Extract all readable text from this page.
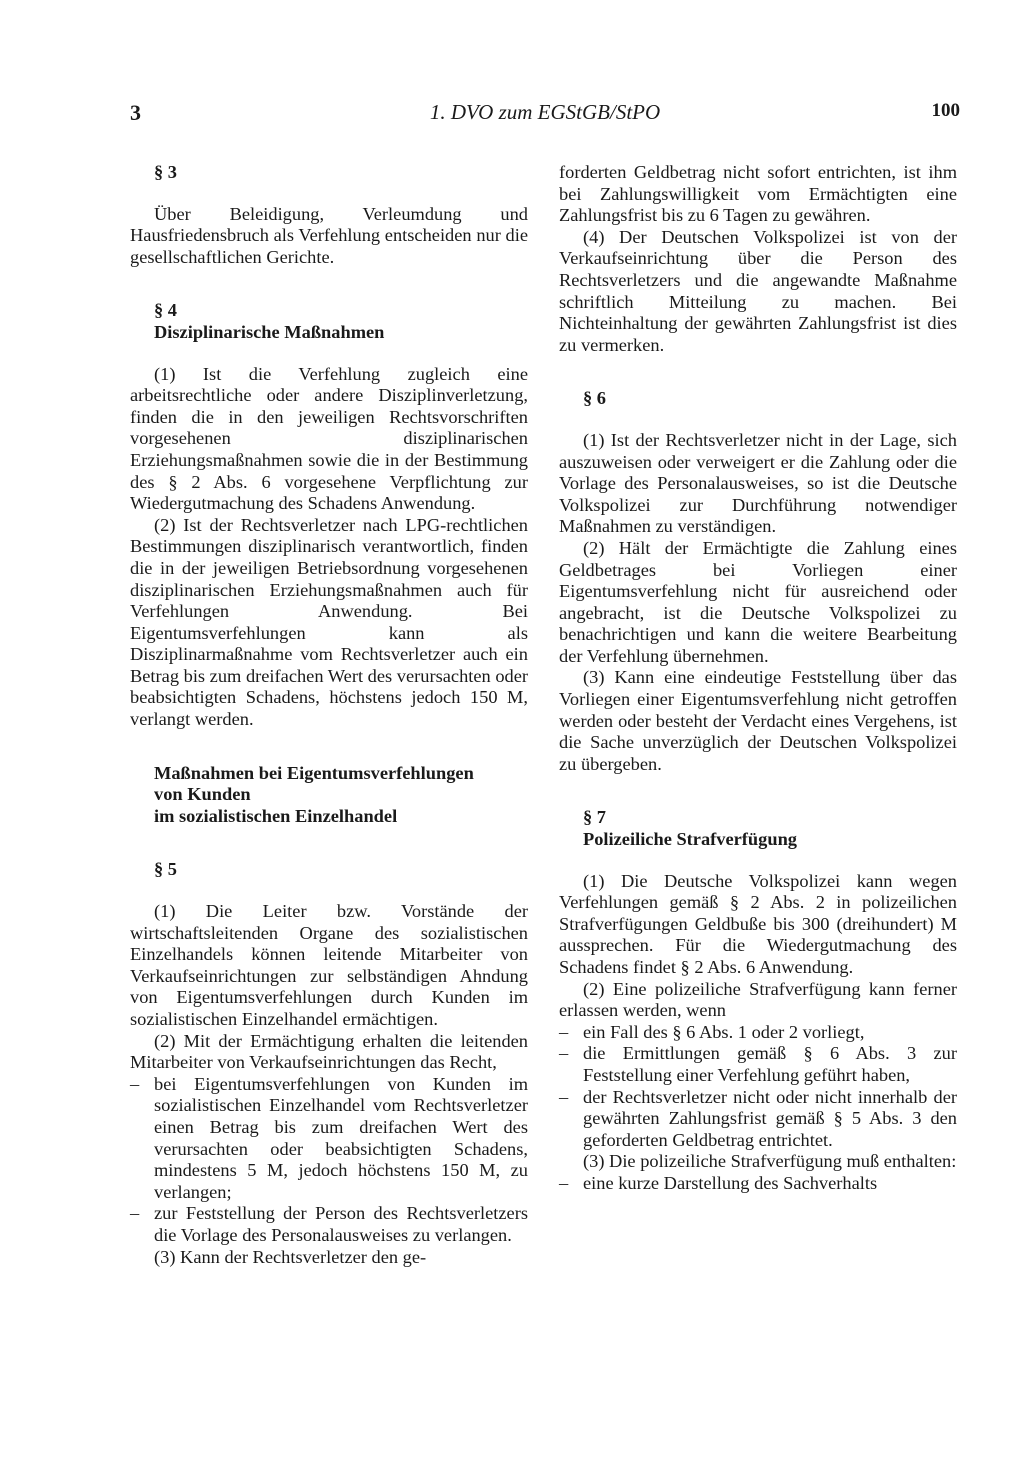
3	1. DVO zum EGStGB/StPO	100

§ 3

Über Beleidigung, Verleumdung und Hausfriedensbruch als Verfehlung entscheiden nur die gesellschaftlichen Gerichte.

§ 4

Disziplinarische Maßnahmen

(1) Ist die Verfehlung zugleich eine arbeitsrechtliche oder andere Disziplinverletzung, finden die in den jeweiligen Rechtsvorschriften vorgesehenen disziplinarischen Erziehungsmaßnahmen sowie die in der Bestimmung des § 2 Abs. 6 vorgesehene Verpflichtung zur Wiedergutmachung des Schadens Anwendung.

(2) Ist der Rechtsverletzer nach LPG-rechtlichen Bestimmungen disziplinarisch verantwortlich, finden die in der jeweiligen Betriebsordnung vorgesehenen disziplinarischen Erziehungsmaßnahmen auch für Verfehlungen Anwendung. Bei Eigentumsverfehlungen kann als Disziplinarmaßnahme vom Rechtsverletzer auch ein Betrag bis zum dreifachen Wert des verursachten oder beabsichtigten Schadens, höchstens jedoch 150 M, verlangt werden.

Maßnahmen bei Eigentumsverfehlungen

von Kunden

im sozialistischen Einzelhandel

§ 5

(1) Die Leiter bzw. Vorstände der wirtschaftsleitenden Organe des sozialistischen Einzelhandels können leitende Mitarbeiter von Verkaufseinrichtungen zur selbständigen Ahndung von Eigentumsverfehlungen durch Kunden im sozialistischen Einzelhandel ermächtigen.

(2) Mit der Ermächtigung erhalten die leitenden Mitarbeiter von Verkaufseinrichtungen das Recht,

– bei Eigentumsverfehlungen von Kunden im sozialistischen Einzelhandel vom Rechtsverletzer einen Betrag bis zum dreifachen Wert des verursachten oder beabsichtigten Schadens, mindestens 5 M, jedoch höchstens 150 M, zu verlangen;
– zur Feststellung der Person des Rechtsverletzers die Vorlage des Personalausweises zu verlangen.

(3) Kann der Rechtsverletzer den ge-

forderten Geldbetrag nicht sofort entrichten, ist ihm bei Zahlungswilligkeit vom Ermächtigten eine Zahlungsfrist bis zu 6 Tagen zu gewähren.

(4) Der Deutschen Volkspolizei ist von der Verkaufseinrichtung über die Person des Rechtsverletzers und die angewandte Maßnahme schriftlich Mitteilung zu machen. Bei Nichteinhaltung der gewährten Zahlungsfrist ist dies zu vermerken.

§ 6

(1) Ist der Rechtsverletzer nicht in der Lage, sich auszuweisen oder verweigert er die Zahlung oder die Vorlage des Personalausweises, so ist die Deutsche Volkspolizei zur Durchführung notwendiger Maßnahmen zu verständigen.

(2) Hält der Ermächtigte die Zahlung eines Geldbetrages bei Vorliegen einer Eigentumsverfehlung nicht für ausreichend oder angebracht, ist die Deutsche Volkspolizei zu benachrichtigen und kann die weitere Bearbeitung der Verfehlung übernehmen.

(3) Kann eine eindeutige Feststellung über das Vorliegen einer Eigentumsverfehlung nicht getroffen werden oder besteht der Verdacht eines Vergehens, ist die Sache unverzüglich der Deutschen Volkspolizei zu übergeben.

§ 7

Polizeiliche Strafverfügung

(1) Die Deutsche Volkspolizei kann wegen Verfehlungen gemäß § 2 Abs. 2 in polizeilichen Strafverfügungen Geldbuße bis 300 (dreihundert) M aussprechen. Für die Wiedergutmachung des Schadens findet § 2 Abs. 6 Anwendung.

(2) Eine polizeiliche Strafverfügung kann ferner erlassen werden, wenn

– ein Fall des § 6 Abs. 1 oder 2 vorliegt,
– die Ermittlungen gemäß § 6 Abs. 3 zur Feststellung einer Verfehlung geführt haben,
– der Rechtsverletzer nicht oder nicht innerhalb der gewährten Zahlungsfrist gemäß § 5 Abs. 3 den geforderten Geldbetrag entrichtet.

(3) Die polizeiliche Strafverfügung muß enthalten:

– eine kurze Darstellung des Sachverhalts
